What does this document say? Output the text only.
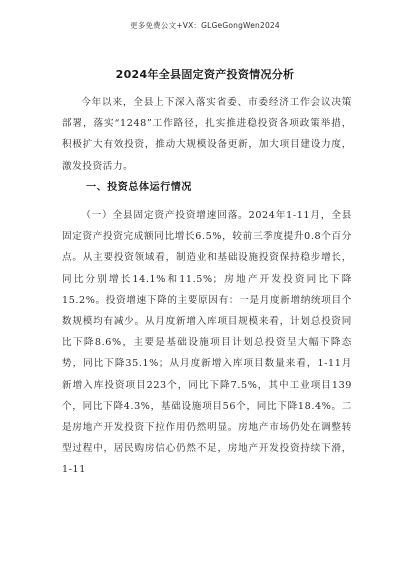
更多免费公文+VX：GLGeGongWen2024
2024年全县固定资产投资情况分析

今年以来，全县上下深入落实省委、市委经济工作会议决策部署，落实“1248”工作路径，扎实推进稳投资各项政策举措，积极扩大有效投资，推动大规模设备更新，加大项目建设力度，激发投资活力。

一、投资总体运行情况

（一）全县固定资产投资增速回落。2024年1-11月，全县固定资产投资完成额同比增长6.5%，较前三季度提升0.8个百分点。从主要投资领域看，制造业和基础设施投资保持稳步增长，同比分别增长14.1%和11.5%；房地产开发投资同比下降15.2%。投资增速下降的主要原因有：一是月度新增纳统项目个数规模均有减少。从月度新增入库项目规模来看，计划总投资同比下降8.6%，主要是基础设施项目计划总投资呈大幅下降态势，同比下降35.1%；从月度新增入库项目数量来看，1-11月新增入库投资项目223个，同比下降7.5%，其中工业项目139个，同比下降4.3%，基础设施项目56个，同比下降18.4%。二是房地产开发投资下拉作用仍然明显。房地产市场仍处在调整转型过程中，居民购房信心仍然不足，房地产开发投资持续下滑，1-11
